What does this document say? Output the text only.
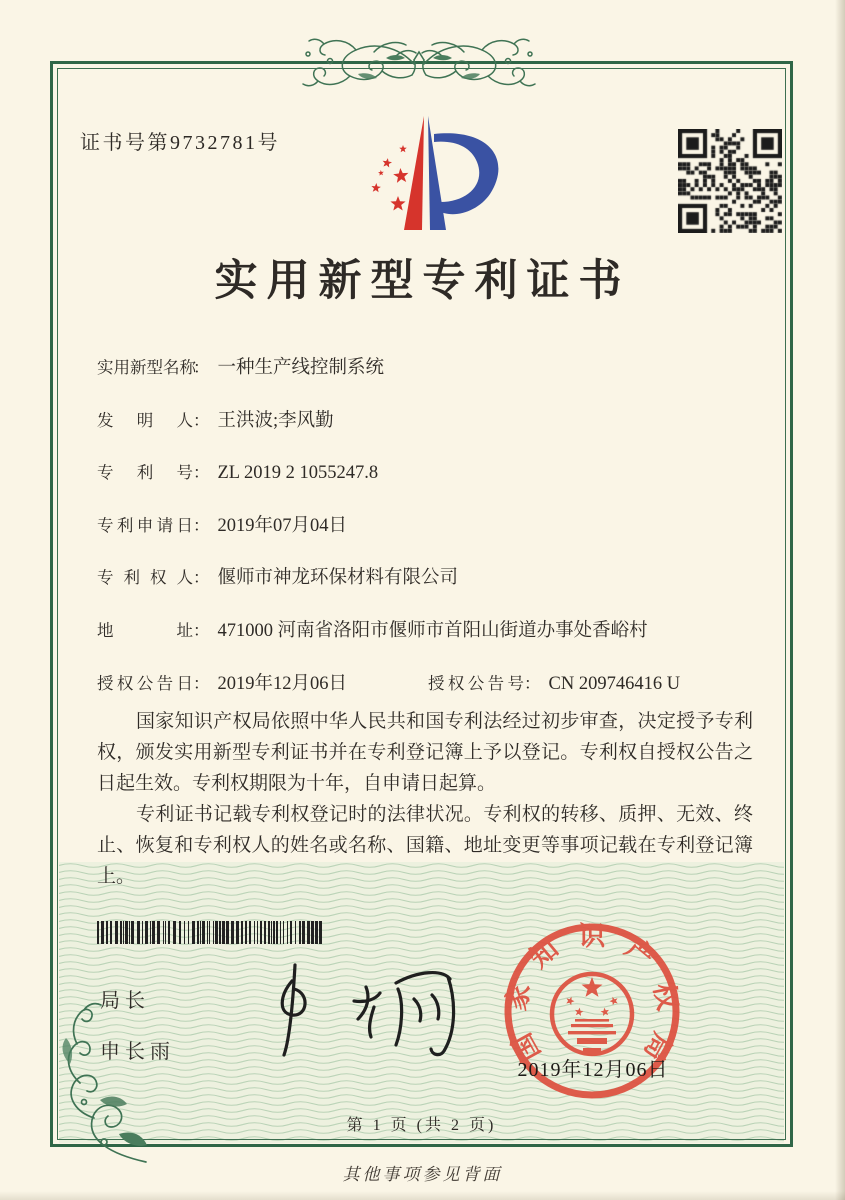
证书号第9732781号
实用新型专利证书
实用新型名称： 一种生产线控制系统
发明人： 王洪波;李风勤
专利号： ZL 2019 2 1055247.8
专利申请日： 2019年07月04日
专利权人： 偃师市神龙环保材料有限公司
地址： 471000 河南省洛阳市偃师市首阳山街道办事处香峪村
授权公告日： 2019年12月06日	授权公告号： CN 209746416 U

国家知识产权局依照中华人民共和国专利法经过初步审查，决定授予专利权，颁发实用新型专利证书并在专利登记簿上予以登记。专利权自授权公告之日起生效。专利权期限为十年，自申请日起算。

专利证书记载专利权登记时的法律状况。专利权的转移、质押、无效、终止、恢复和专利权人的姓名或名称、国籍、地址变更等事项记载在专利登记簿上。

局长
申长雨	国家知识产权局
2019年12月06日
第 1 页 (共 2 页)
其他事项参见背面
